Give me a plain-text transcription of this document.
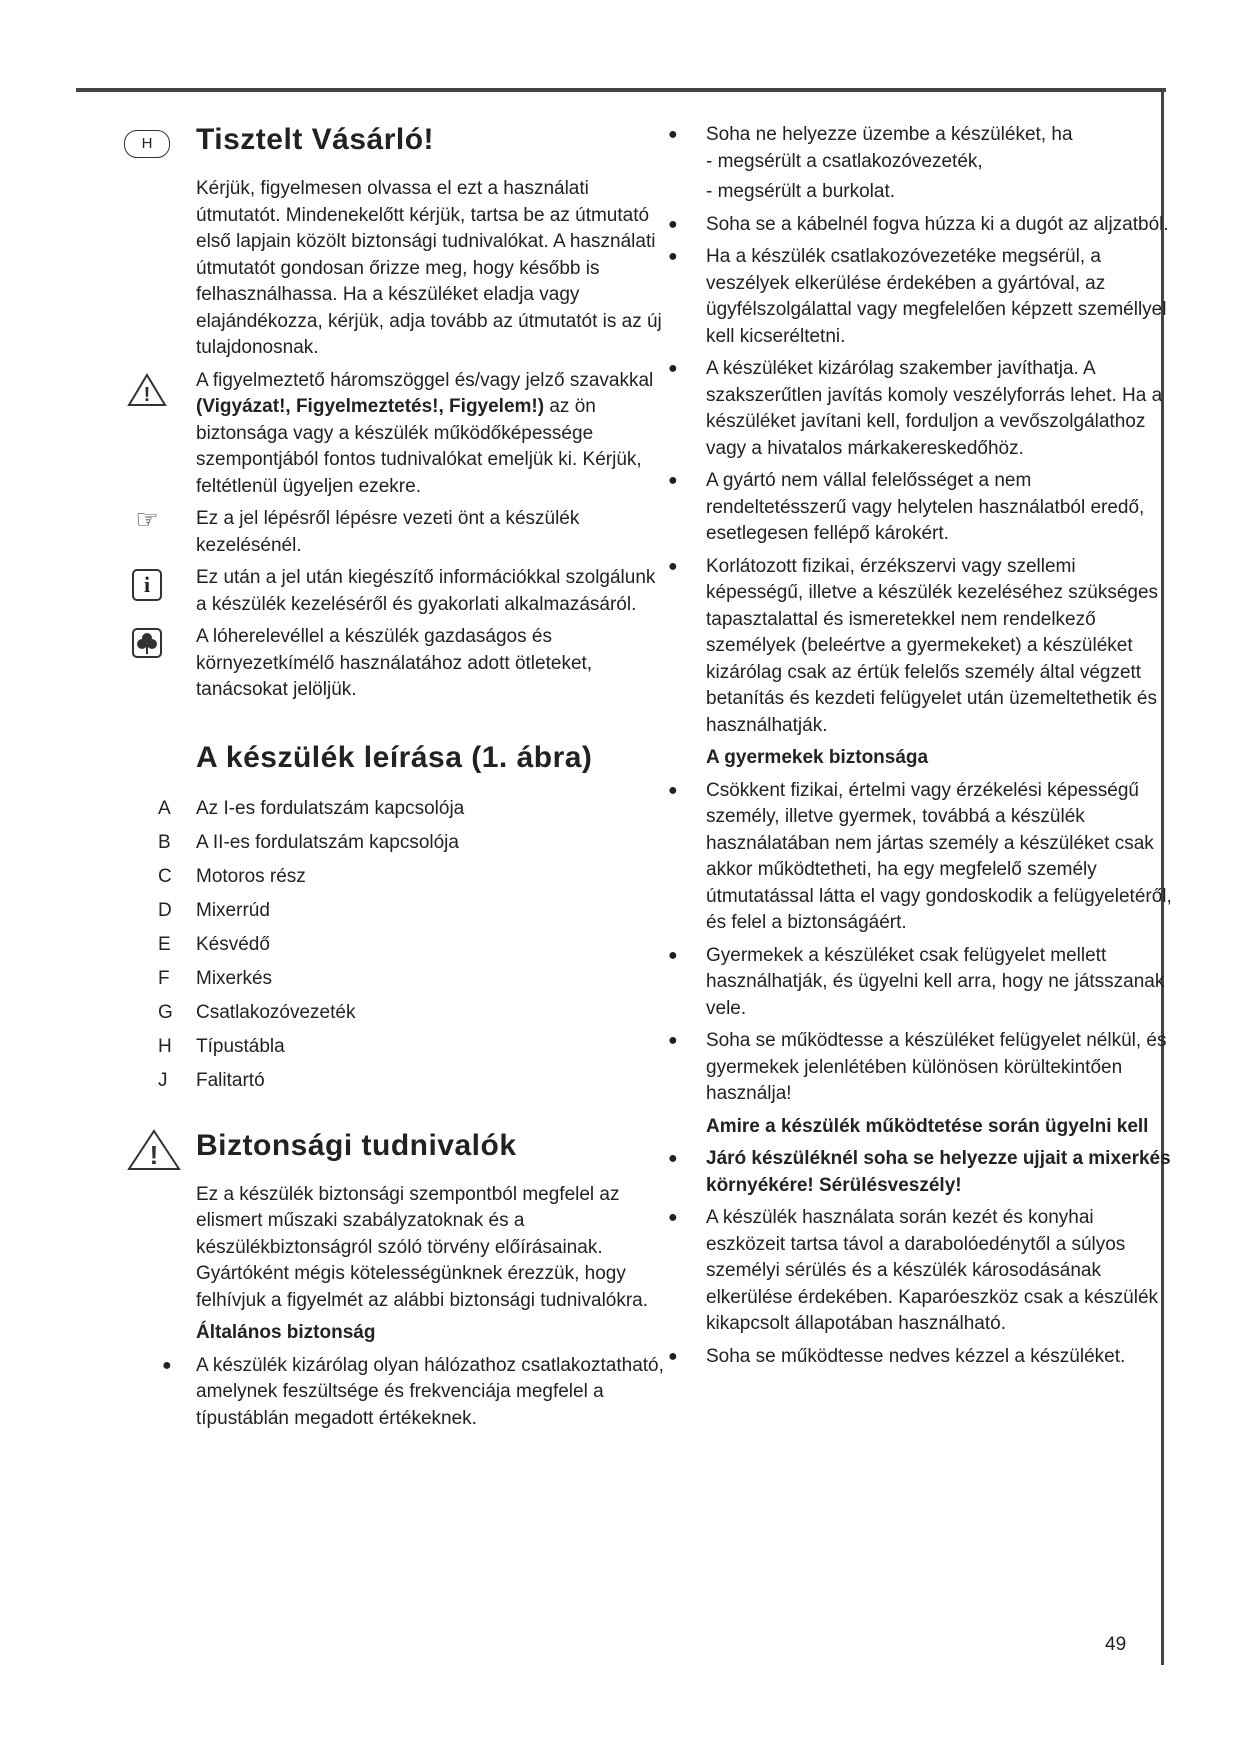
H	Tisztelt Vásárló!

Kérjük, figyelmesen olvassa el ezt a használati útmutatót. Mindenekelőtt kérjük, tartsa be az útmutató első lapjain közölt biztonsági tudnivalókat. A használati útmutatót gondosan őrizze meg, hogy később is felhasználhassa. Ha a készüléket eladja vagy elajándékozza, kérjük, adja tovább az útmutatót is az új tulajdonosnak.

!

A figyelmeztető háromszöggel és/vagy jelző szavakkal (Vigyázat!, Figyelmeztetés!, Figyelem!) az ön biztonsága vagy a készülék működőképessége szempontjából fontos tudnivalókat emeljük ki. Kérjük, feltétlenül ügyeljen ezekre.

☞	Ez a jel lépésről lépésre vezeti önt a készülék kezelésénél.

i	Ez után a jel után kiegészítő információkkal szolgálunk a készülék kezeléséről és gyakorlati alkalmazásáról.

A lóherelevéllel a készülék gazdaságos és környezetkímélő használatához adott ötleteket, tanácsokat jelöljük.

A készülék leírása (1. ábra)
A	Az I-es fordulatszám kapcsolója
B	A II-es fordulatszám kapcsolója
C	Motoros rész
D	Mixerrúd
E	Késvédő
F	Mixerkés
G Csatlakozóvezeték
H	Típustábla
J	Falitartó
! Biztonsági tudnivalók

Ez a készülék biztonsági szempontból megfelel az elismert műszaki szabályzatoknak és a készülékbiztonságról szóló törvény előírásainak. Gyártóként mégis kötelességünknek érezzük, hogy felhívjuk a figyelmét az alábbi biztonsági tudnivalókra.

Általános biztonság
● A készülék kizárólag olyan hálózathoz csatlakoztatható, amelynek feszültsége és frekvenciája megfelel a típustáblán megadott értékeknek.
● Soha ne helyezze üzembe a készüléket, ha
- megsérült a csatlakozóvezeték,
- megsérült a burkolat.
● Soha se a kábelnél fogva húzza ki a dugót az aljzatból.
● Ha a készülék csatlakozóvezetéke megsérül, a veszélyek elkerülése érdekében a gyártóval, az ügyfélszolgálattal vagy megfelelően képzett személlyel kell kicseréltetni.
● A készüléket kizárólag szakember javíthatja. A szakszerűtlen javítás komoly veszélyforrás lehet. Ha a készüléket javítani kell, forduljon a vevőszolgálathoz vagy a hivatalos márkakereskedőhöz.
● A gyártó nem vállal felelősséget a nem rendeltetésszerű vagy helytelen használatból eredő, esetlegesen fellépő károkért.
● Korlátozott fizikai, érzékszervi vagy szellemi képességű, illetve a készülék kezeléséhez szükséges tapasztalattal és ismeretekkel nem rendelkező személyek (beleértve a gyermekeket) a készüléket kizárólag csak az értük felelős személy által végzett betanítás és kezdeti felügyelet után üzemeltethetik és használhatják.
A gyermekek biztonsága
● Csökkent fizikai, értelmi vagy érzékelési képességű személy, illetve gyermek, továbbá a készülék használatában nem jártas személy a készüléket csak akkor működtetheti, ha egy megfelelő személy útmutatással látta el vagy gondoskodik a felügyeletéről, és felel a biztonságáért.
● Gyermekek a készüléket csak felügyelet mellett használhatják, és ügyelni kell arra, hogy ne játsszanak vele.
● Soha se működtesse a készüléket felügyelet nélkül, és gyermekek jelenlétében különösen körültekintően használja!
Amire a készülék működtetése során ügyelni kell
● Járó készüléknél soha se helyezze ujjait a mixerkés környékére! Sérülésveszély!
● A készülék használata során kezét és konyhai eszközeit tartsa távol a darabolóedénytől a súlyos személyi sérülés és a készülék károsodásának elkerülése érdekében. Kaparóeszköz csak a készülék kikapcsolt állapotában használható.
● Soha se működtesse nedves kézzel a készüléket.
49
